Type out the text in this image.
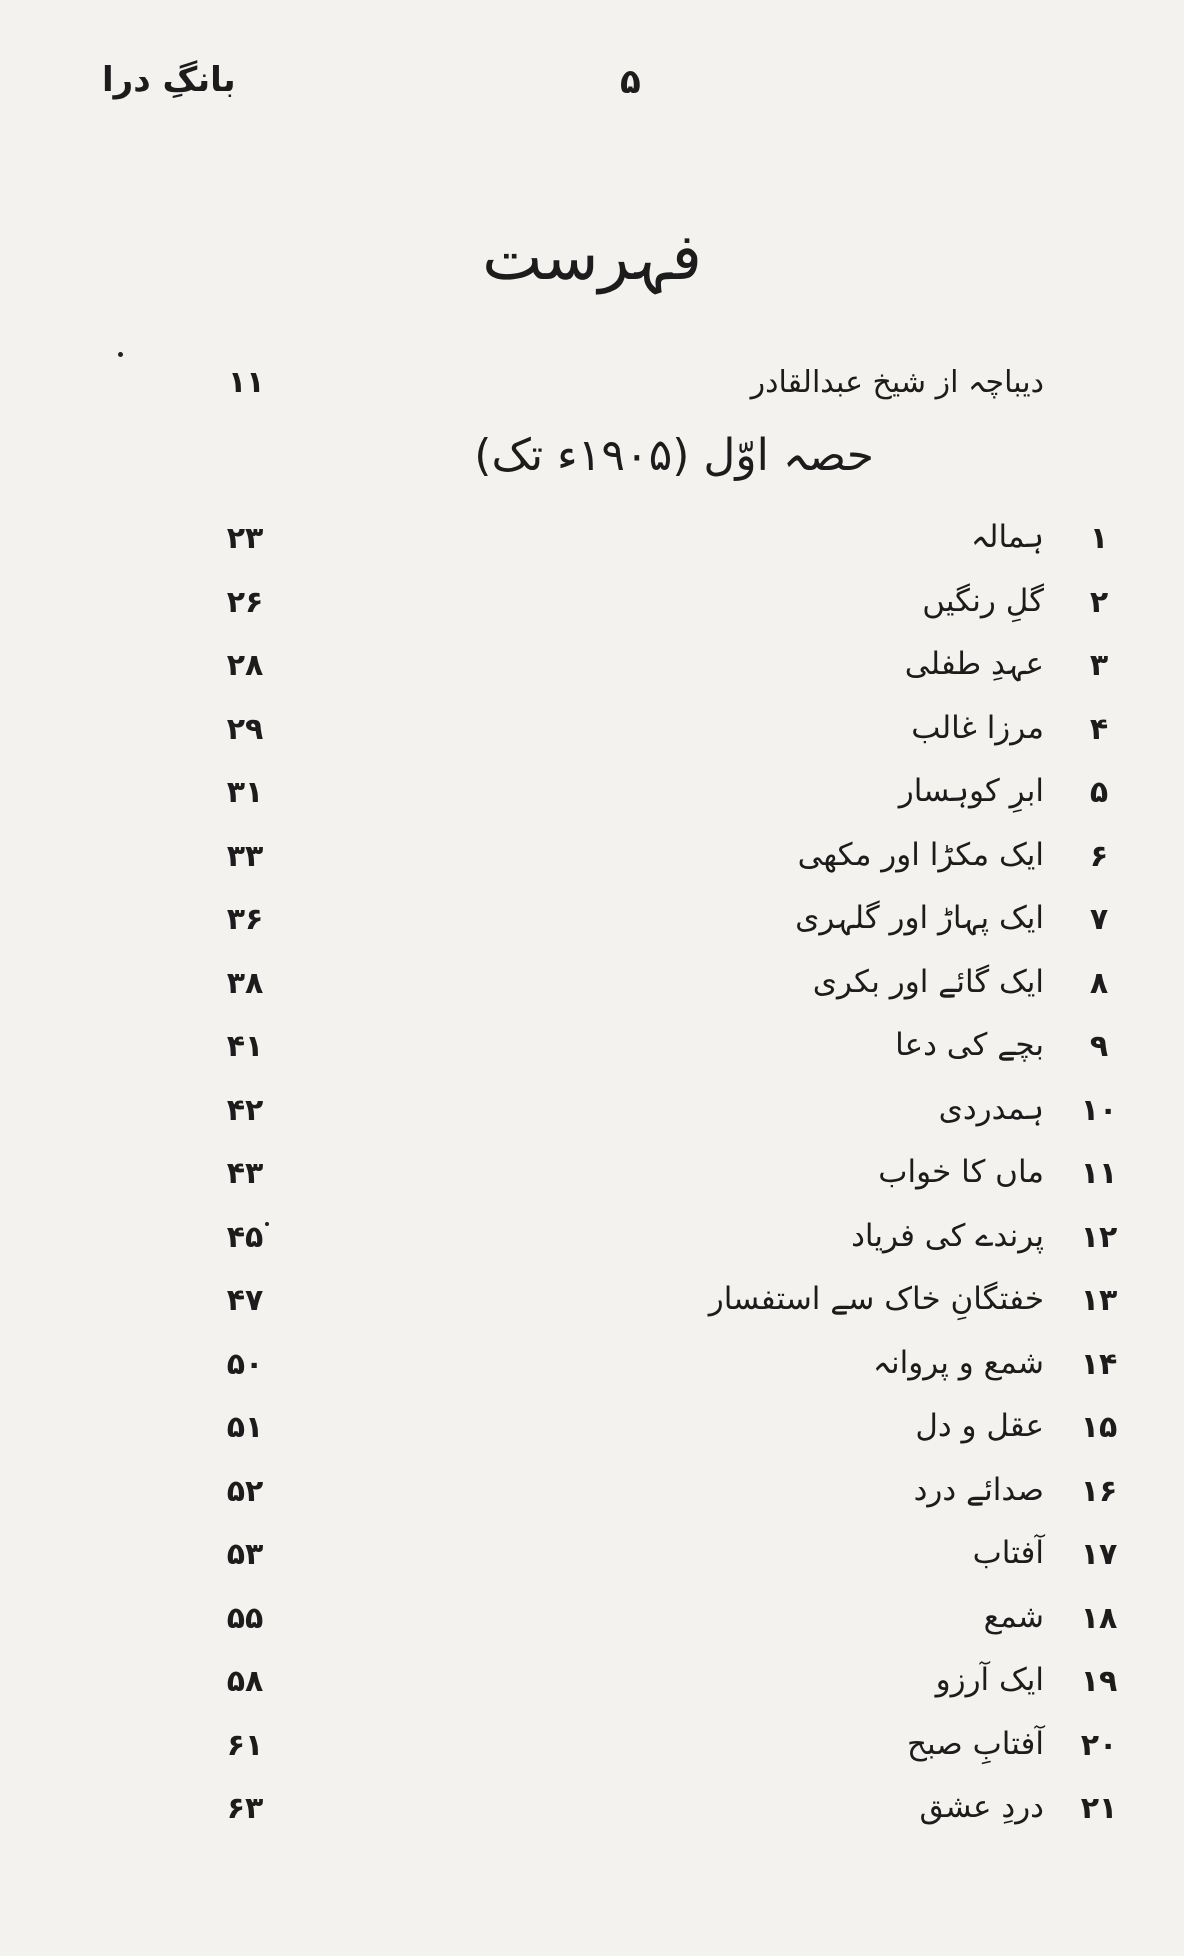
بانگِ درا	۵
فہرست
دیباچہ از شیخ عبدالقادر
۱۱
حصہ اوّل (۱۹۰۵ء تک)
۱
ہمالہ
۲۳
۲
گلِ رنگیں
۲۶
۳
عہدِ طفلی
۲۸
۴
مرزا غالب
۲۹
۵
ابرِ کوہسار
۳۱
۶
ایک مکڑا اور مکھی
۳۳
۷
ایک پہاڑ اور گلہری
۳۶
۸
ایک گائے اور بکری
۳۸
۹
بچے کی دعا
۴۱
۱۰
ہمدردی
۴۲
۱۱
ماں کا خواب
۴۳
۱۲
پرندے کی فریاد
۴۵
۱۳
خفتگانِ خاک سے استفسار
۴۷
۱۴
شمع و پروانہ
۵۰
۱۵
عقل و دل
۵۱
۱۶
صدائے درد
۵۲
۱۷
آفتاب
۵۳
۱۸
شمع
۵۵
۱۹
ایک آرزو
۵۸
۲۰
آفتابِ صبح
۶۱
۲۱
دردِ عشق
۶۳
